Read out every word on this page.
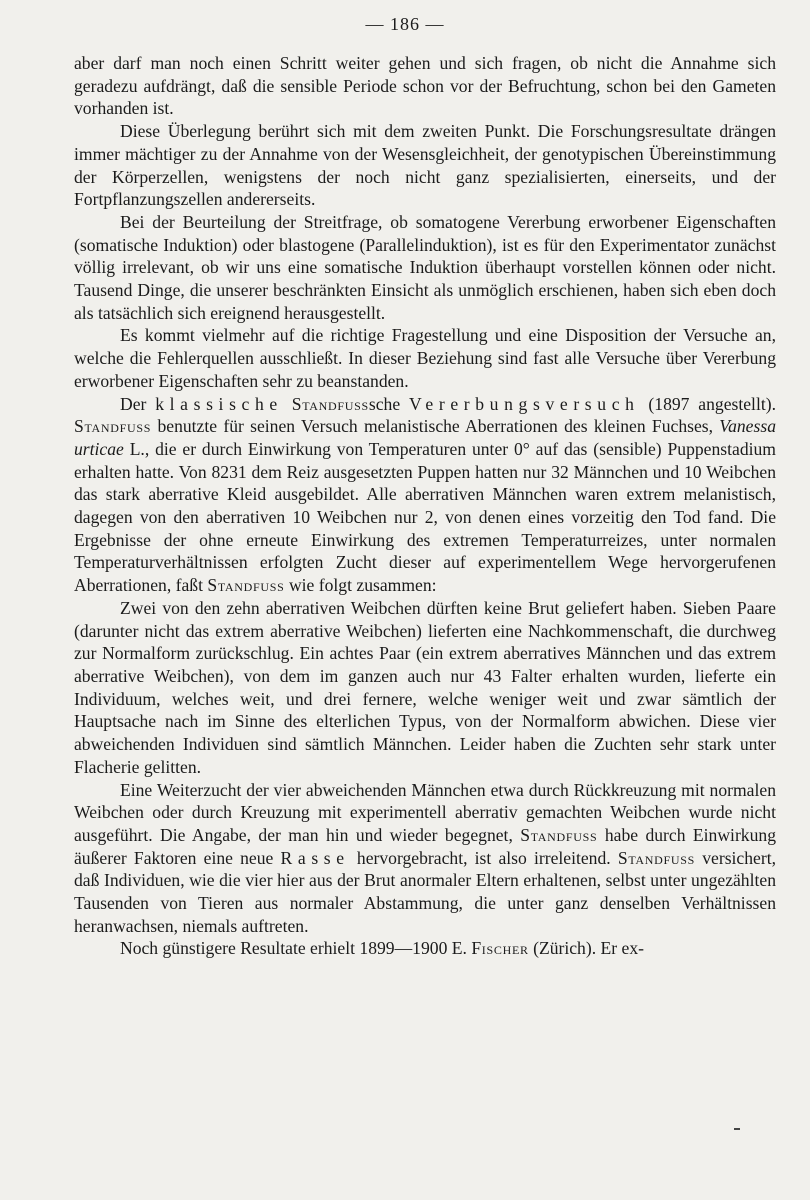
— 186 —

aber darf man noch einen Schritt weiter gehen und sich fragen, ob nicht die Annahme sich geradezu aufdrängt, daß die sensible Periode schon vor der Befruchtung, schon bei den Gameten vorhanden ist.

Diese Überlegung berührt sich mit dem zweiten Punkt. Die Forschungsresultate drängen immer mächtiger zu der Annahme von der Wesensgleichheit, der genotypischen Übereinstimmung der Körperzellen, wenigstens der noch nicht ganz spezialisierten, einerseits, und der Fortpflanzungszellen andererseits.

Bei der Beurteilung der Streitfrage, ob somatogene Vererbung erworbener Eigenschaften (somatische Induktion) oder blastogene (Parallelinduktion), ist es für den Experimentator zunächst völlig irrelevant, ob wir uns eine somatische Induktion überhaupt vorstellen können oder nicht. Tausend Dinge, die unserer beschränkten Einsicht als unmöglich erschienen, haben sich eben doch als tatsächlich sich ereignend herausgestellt.

Es kommt vielmehr auf die richtige Fragestellung und eine Disposition der Versuche an, welche die Fehlerquellen ausschließt. In dieser Beziehung sind fast alle Versuche über Vererbung erworbener Eigenschaften sehr zu beanstanden.

Der klassische Standfusssche Vererbungsversuch (1897 angestellt). Standfuss benutzte für seinen Versuch melanistische Aberrationen des kleinen Fuchses, Vanessa urticae L., die er durch Einwirkung von Temperaturen unter 0° auf das (sensible) Puppenstadium erhalten hatte. Von 8231 dem Reiz ausgesetzten Puppen hatten nur 32 Männchen und 10 Weibchen das stark aberrative Kleid ausgebildet. Alle aberrativen Männchen waren extrem melanistisch, dagegen von den aberrativen 10 Weibchen nur 2, von denen eines vorzeitig den Tod fand. Die Ergebnisse der ohne erneute Einwirkung des extremen Temperaturreizes, unter normalen Temperaturverhältnissen erfolgten Zucht dieser auf experimentellem Wege hervorgerufenen Aberrationen, faßt Standfuss wie folgt zusammen:

Zwei von den zehn aberrativen Weibchen dürften keine Brut geliefert haben. Sieben Paare (darunter nicht das extrem aberrative Weibchen) lieferten eine Nachkommenschaft, die durchweg zur Normalform zurückschlug. Ein achtes Paar (ein extrem aberratives Männchen und das extrem aberrative Weibchen), von dem im ganzen auch nur 43 Falter erhalten wurden, lieferte ein Individuum, welches weit, und drei fernere, welche weniger weit und zwar sämtlich der Hauptsache nach im Sinne des elterlichen Typus, von der Normalform abwichen. Diese vier abweichenden Individuen sind sämtlich Männchen. Leider haben die Zuchten sehr stark unter Flacherie gelitten.

Eine Weiterzucht der vier abweichenden Männchen etwa durch Rückkreuzung mit normalen Weibchen oder durch Kreuzung mit experimentell aberrativ gemachten Weibchen wurde nicht ausgeführt. Die Angabe, der man hin und wieder begegnet, Standfuss habe durch Einwirkung äußerer Faktoren eine neue Rasse hervorgebracht, ist also irreleitend. Standfuss versichert, daß Individuen, wie die vier hier aus der Brut anormaler Eltern erhaltenen, selbst unter ungezählten Tausenden von Tieren aus normaler Abstammung, die unter ganz denselben Verhältnissen heranwachsen, niemals auftreten.

Noch günstigere Resultate erhielt 1899—1900 E. Fischer (Zürich). Er ex-
